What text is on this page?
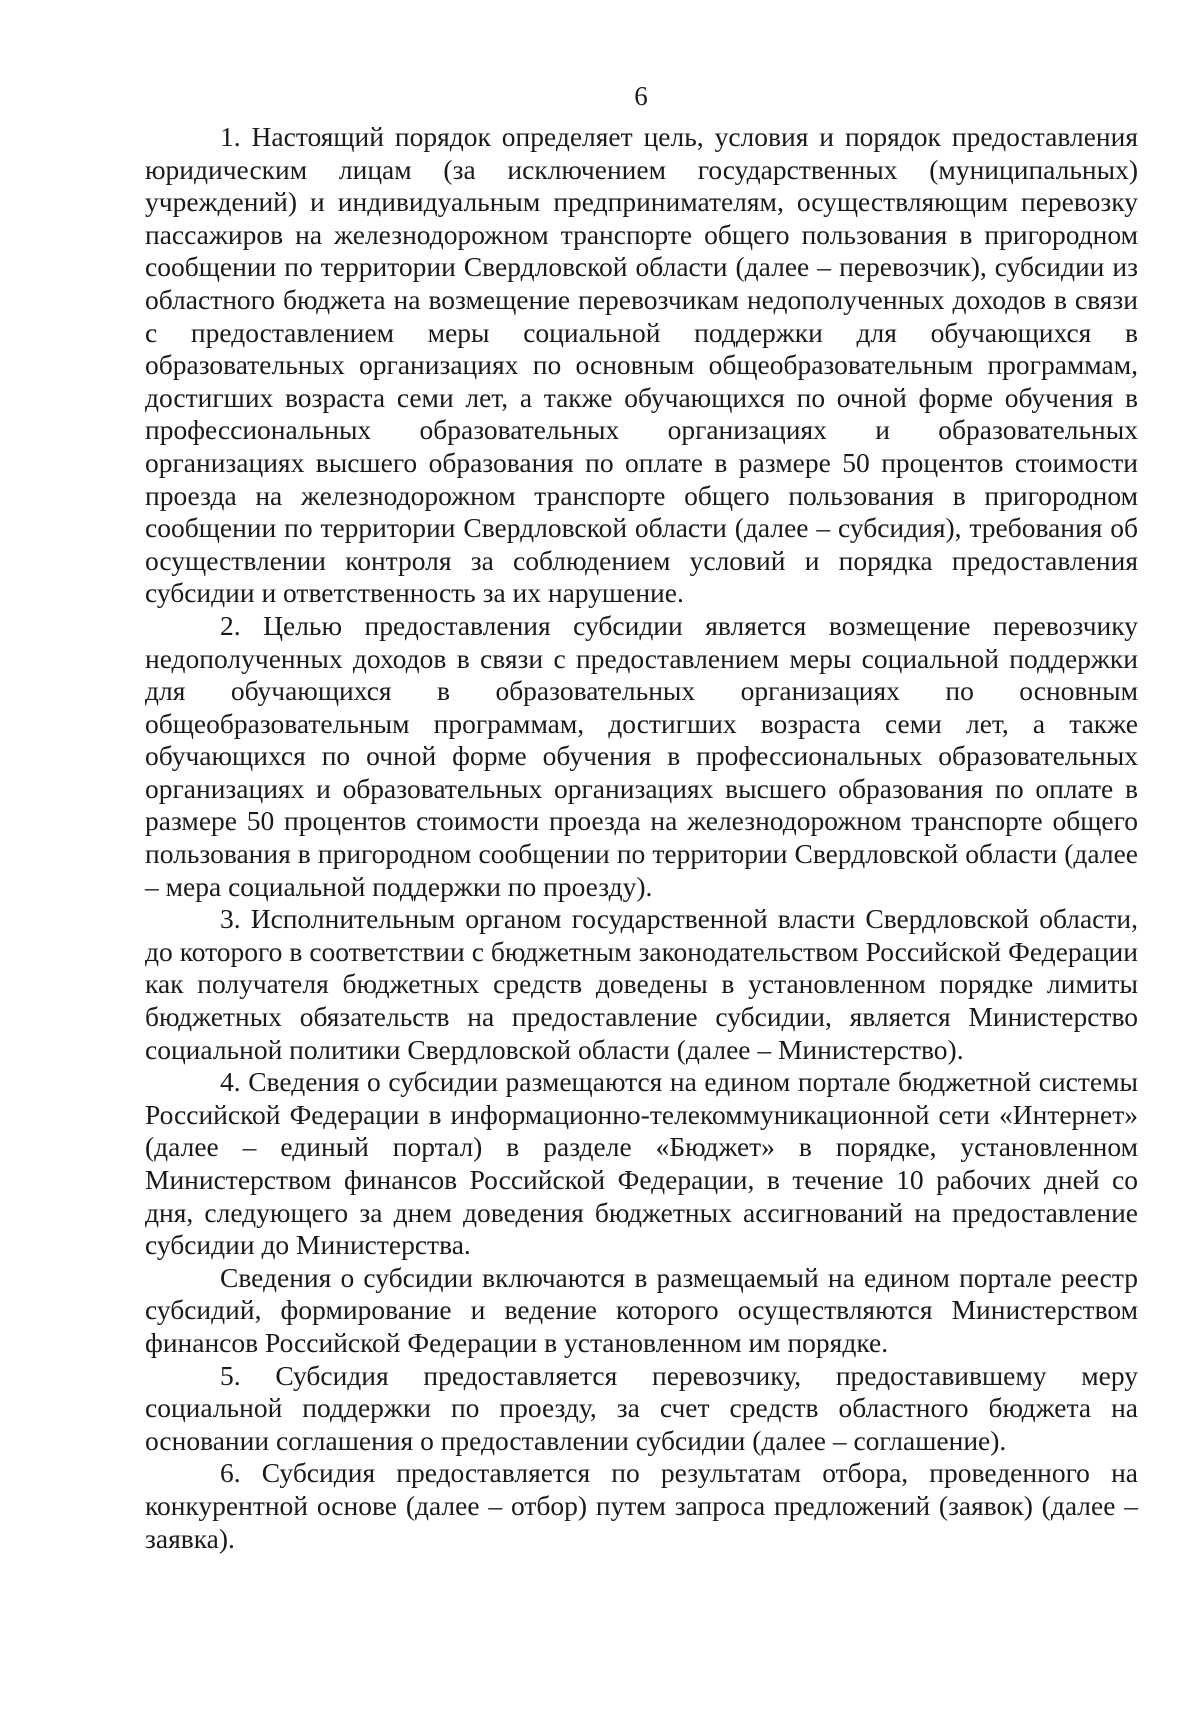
6

1. Настоящий порядок определяет цель, условия и порядок предоставления юридическим лицам (за исключением государственных (муниципальных) учреждений) и индивидуальным предпринимателям, осуществляющим перевозку пассажиров на железнодорожном транспорте общего пользования в пригородном сообщении по территории Свердловской области (далее – перевозчик), субсидии из областного бюджета на возмещение перевозчикам недополученных доходов в связи с предоставлением меры социальной поддержки для обучающихся в образовательных организациях по основным общеобразовательным программам, достигших возраста семи лет, а также обучающихся по очной форме обучения в профессиональных образовательных организациях и образовательных организациях высшего образования по оплате в размере 50 процентов стоимости проезда на железнодорожном транспорте общего пользования в пригородном сообщении по территории Свердловской области (далее – субсидия), требования об осуществлении контроля за соблюдением условий и порядка предоставления субсидии и ответственность за их нарушение.

2. Целью предоставления субсидии является возмещение перевозчику недополученных доходов в связи с предоставлением меры социальной поддержки для обучающихся в образовательных организациях по основным общеобразовательным программам, достигших возраста семи лет, а также обучающихся по очной форме обучения в профессиональных образовательных организациях и образовательных организациях высшего образования по оплате в размере 50 процентов стоимости проезда на железнодорожном транспорте общего пользования в пригородном сообщении по территории Свердловской области (далее – мера социальной поддержки по проезду).

3. Исполнительным органом государственной власти Свердловской области, до которого в соответствии с бюджетным законодательством Российской Федерации как получателя бюджетных средств доведены в установленном порядке лимиты бюджетных обязательств на предоставление субсидии, является Министерство социальной политики Свердловской области (далее – Министерство).

4. Сведения о субсидии размещаются на едином портале бюджетной системы Российской Федерации в информационно-телекоммуникационной сети «Интернет» (далее – единый портал) в разделе «Бюджет» в порядке, установленном Министерством финансов Российской Федерации, в течение 10 рабочих дней со дня, следующего за днем доведения бюджетных ассигнований на предоставление субсидии до Министерства.

Сведения о субсидии включаются в размещаемый на едином портале реестр субсидий, формирование и ведение которого осуществляются Министерством финансов Российской Федерации в установленном им порядке.

5. Субсидия предоставляется перевозчику, предоставившему меру социальной поддержки по проезду, за счет средств областного бюджета на основании соглашения о предоставлении субсидии (далее – соглашение).

6. Субсидия предоставляется по результатам отбора, проведенного на конкурентной основе (далее – отбор) путем запроса предложений (заявок) (далее – заявка).
